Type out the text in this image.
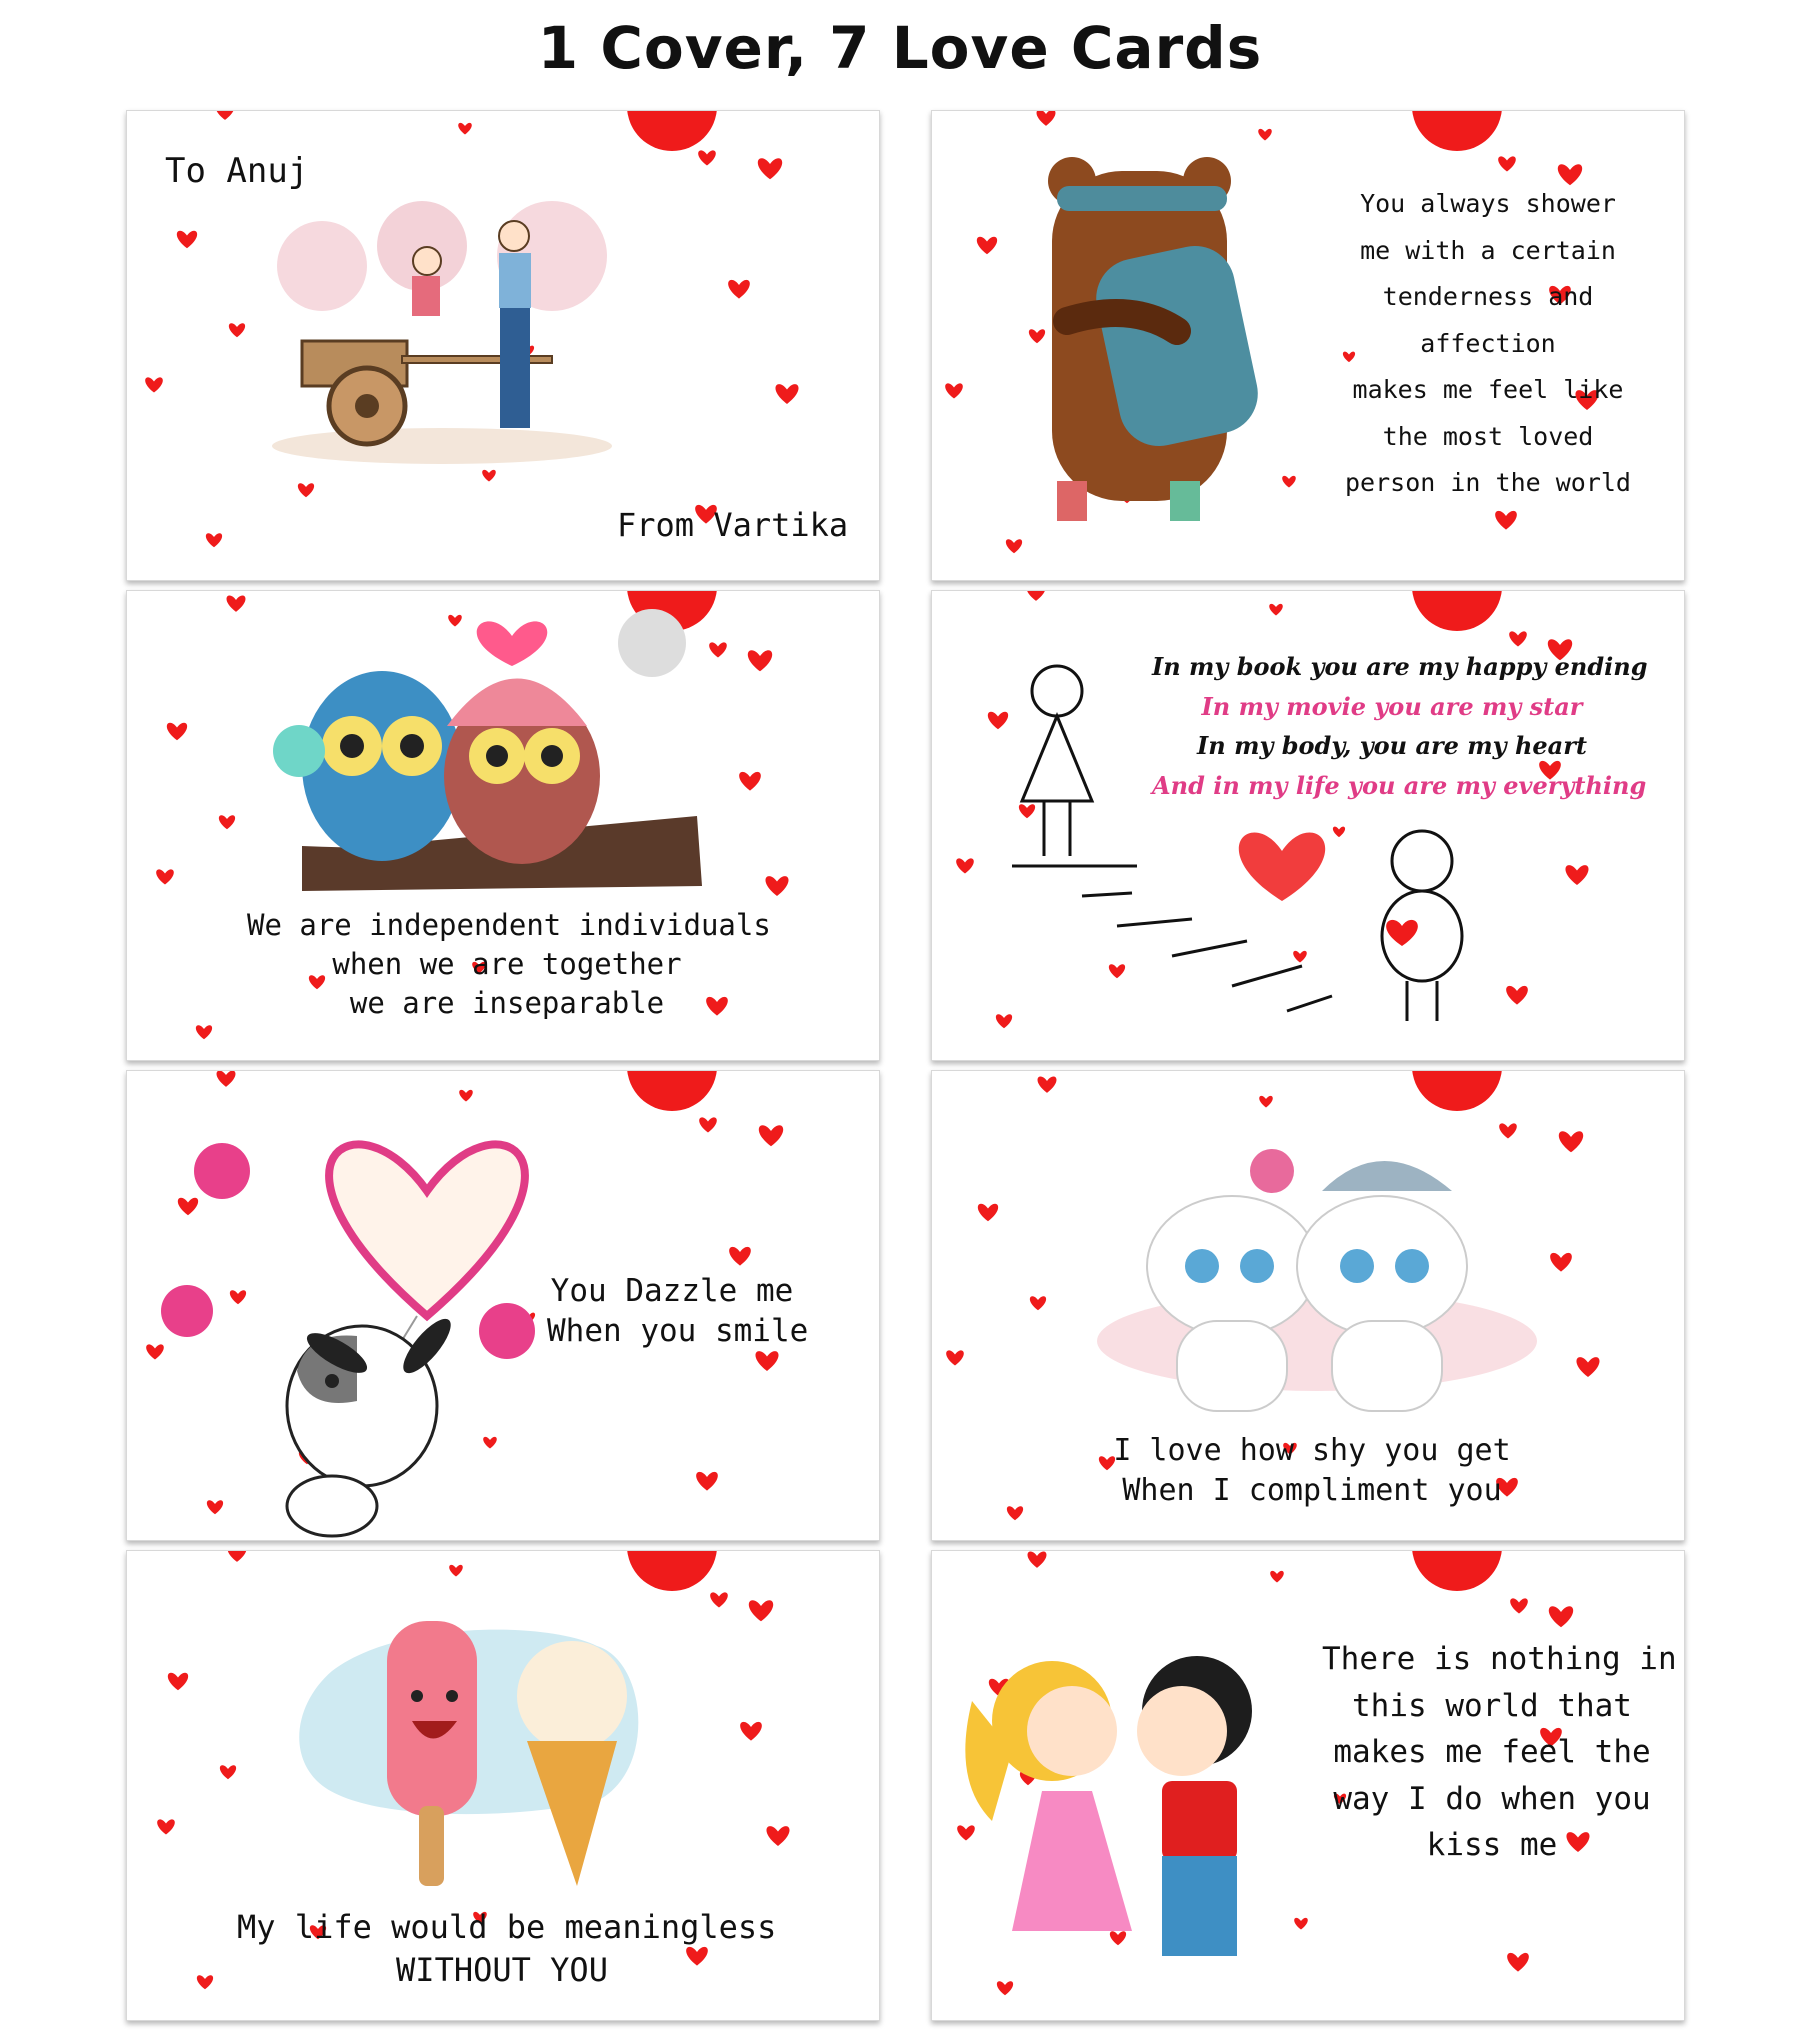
1 Cover, 7 Love Cards
To Anuj
From Vartika
You always shower
me with a certain
tenderness and
affection
makes me feel like
the most loved
person in the world
We are independent individuals
when we are together
we are inseparable
In my book you are my happy ending
In my movie you are my star
In my body, you are my heart
And in my life you are my everything
You Dazzle me
When you smile
I love how shy you get
When I compliment you
My life would be meaningless
WITHOUT YOU
There is nothing in
this world that
makes me feel the
way I do when you
kiss me
